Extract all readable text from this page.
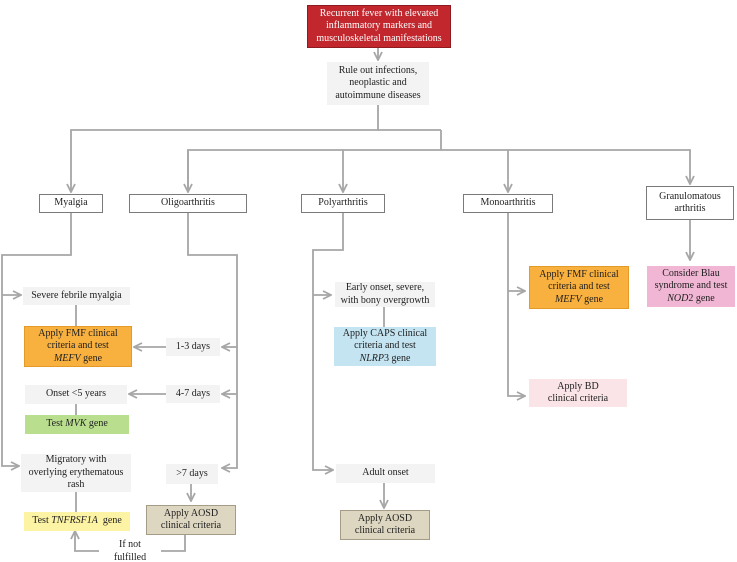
Recurrent fever with elevated
inflammatory markers and
musculoskeletal manifestations
Rule out infections,
neoplastic and
autoimmune diseases
Myalgia	Oligoarthritis	Polyarthritis	Monoarthritis
Granulomatous
arthritis
Severe febrile myalgia
Apply FMF clinical
criteria and test
MEFV gene
Onset <5 years
Test MVK gene
Migratory with
overlying erythematous
rash
Test TNFRSF1A  gene
1-3 days
4-7 days
>7 days
Apply AOSD
clinical criteria
If not fulfilled
Early onset, severe,
with bony overgrowth
Apply CAPS clinical
criteria and test
NLRP3 gene
Adult onset
Apply AOSD
clinical criteria
Apply FMF clinical
criteria and test
MEFV gene
Apply BD
clinical criteria
Consider Blau
syndrome and test
NOD2 gene
